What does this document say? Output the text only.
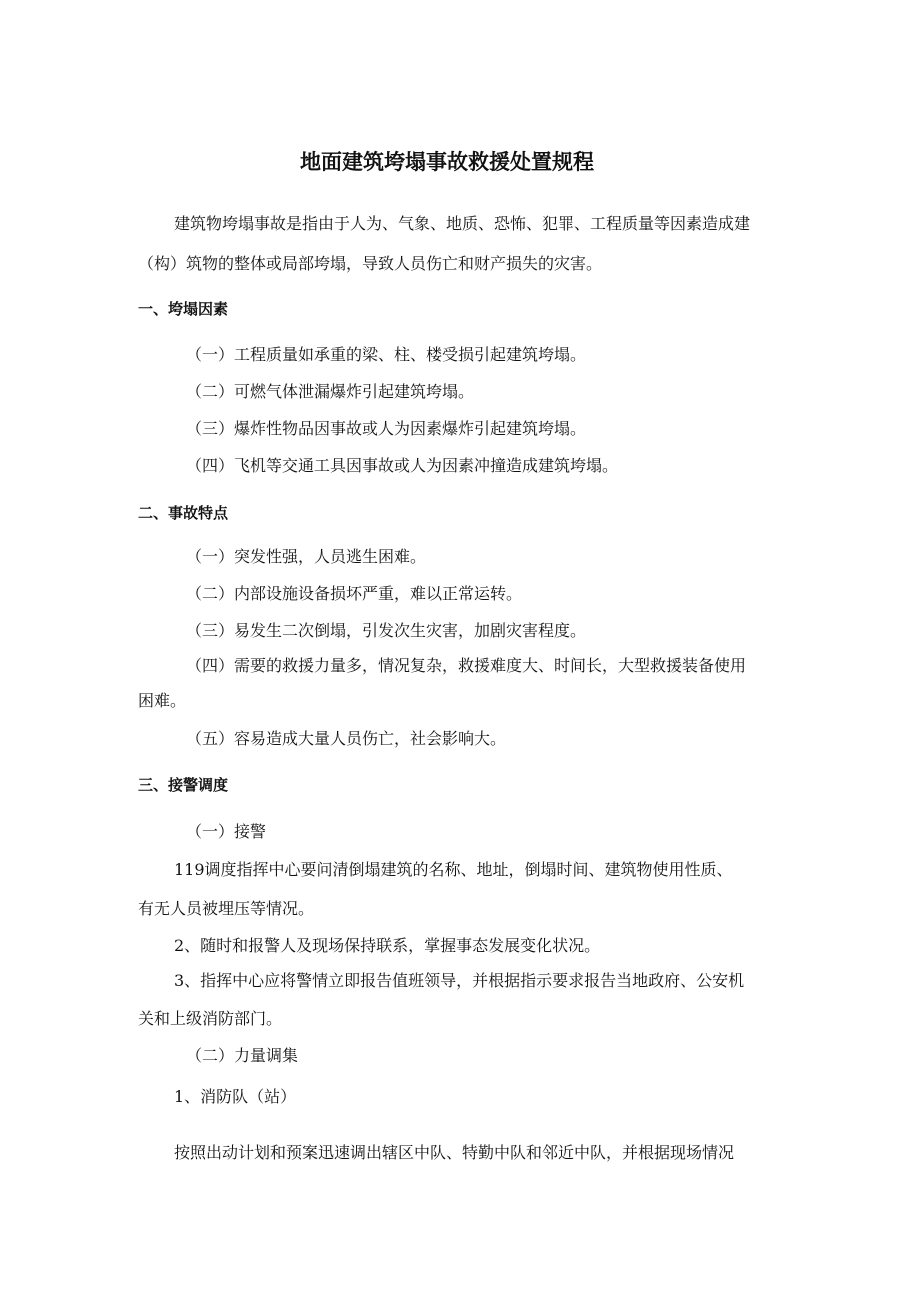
地面建筑垮塌事故救援处置规程
建筑物垮塌事故是指由于人为、气象、地质、恐怖、犯罪、工程质量等因素造成建
（构）筑物的整体或局部垮塌，导致人员伤亡和财产损失的灾害。
一、垮塌因素
（一）工程质量如承重的梁、柱、楼受损引起建筑垮塌。
（二）可燃气体泄漏爆炸引起建筑垮塌。
（三）爆炸性物品因事故或人为因素爆炸引起建筑垮塌。
（四）飞机等交通工具因事故或人为因素冲撞造成建筑垮塌。
二、事故特点
（一）突发性强，人员逃生困难。
（二）内部设施设备损坏严重，难以正常运转。
（三）易发生二次倒塌，引发次生灾害，加剧灾害程度。
（四）需要的救援力量多，情况复杂，救援难度大、时间长，大型救援装备使用
困难。
（五）容易造成大量人员伤亡，社会影响大。
三、接警调度
（一）接警
119调度指挥中心要问清倒塌建筑的名称、地址，倒塌时间、建筑物使用性质、
有无人员被埋压等情况。
2、随时和报警人及现场保持联系，掌握事态发展变化状况。
3、指挥中心应将警情立即报告值班领导，并根据指示要求报告当地政府、公安机
关和上级消防部门。
（二）力量调集
1、消防队（站）
按照出动计划和预案迅速调出辖区中队、特勤中队和邻近中队，并根据现场情况
